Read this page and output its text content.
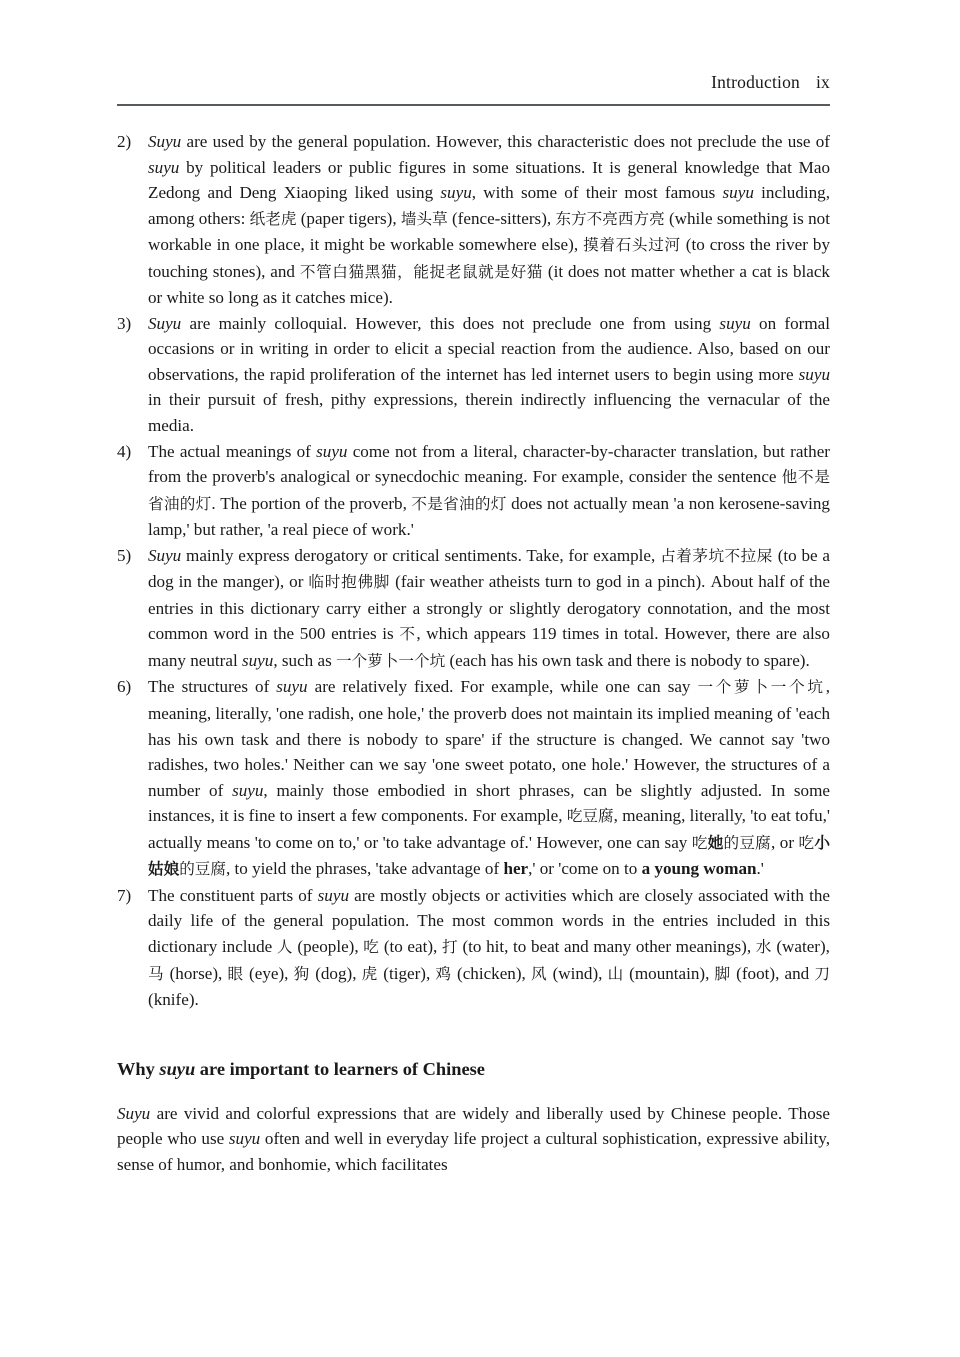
Introduction ix
2) Suyu are used by the general population. However, this characteristic does not preclude the use of suyu by political leaders or public figures in some situations. It is general knowledge that Mao Zedong and Deng Xiaoping liked using suyu, with some of their most famous suyu including, among others: 纸老虎 (paper tigers), 墙头草 (fence-sitters), 东方不亮西方亮 (while something is not workable in one place, it might be workable somewhere else), 摸着石头过河 (to cross the river by touching stones), and 不管白猫黑猫，能捉老鼠就是好猫 (it does not matter whether a cat is black or white so long as it catches mice).
3) Suyu are mainly colloquial. However, this does not preclude one from using suyu on formal occasions or in writing in order to elicit a special reaction from the audience. Also, based on our observations, the rapid proliferation of the internet has led internet users to begin using more suyu in their pursuit of fresh, pithy expressions, therein indirectly influencing the vernacular of the media.
4) The actual meanings of suyu come not from a literal, character-by-character translation, but rather from the proverb's analogical or synecdochic meaning. For example, consider the sentence 他不是省油的灯. The portion of the proverb, 不是省油的灯 does not actually mean 'a non kerosene-saving lamp,' but rather, 'a real piece of work.'
5) Suyu mainly express derogatory or critical sentiments. Take, for example, 占着茅坑不拉屎 (to be a dog in the manger), or 临时抱佛脚 (fair weather atheists turn to god in a pinch). About half of the entries in this dictionary carry either a strongly or slightly derogatory connotation, and the most common word in the 500 entries is 不, which appears 119 times in total. However, there are also many neutral suyu, such as 一个萝卜一个坑 (each has his own task and there is nobody to spare).
6) The structures of suyu are relatively fixed. For example, while one can say 一个萝卜一个坑, meaning, literally, 'one radish, one hole,' the proverb does not maintain its implied meaning of 'each has his own task and there is nobody to spare' if the structure is changed. We cannot say 'two radishes, two holes.' Neither can we say 'one sweet potato, one hole.' However, the structures of a number of suyu, mainly those embodied in short phrases, can be slightly adjusted. In some instances, it is fine to insert a few components. For example, 吃豆腐, meaning, literally, 'to eat tofu,' actually means 'to come on to,' or 'to take advantage of.' However, one can say 吃她的豆腐, or 吃小姑娘的豆腐, to yield the phrases, 'take advantage of her,' or 'come on to a young woman.'
7) The constituent parts of suyu are mostly objects or activities which are closely associated with the daily life of the general population. The most common words in the entries included in this dictionary include 人 (people), 吃 (to eat), 打 (to hit, to beat and many other meanings), 水 (water), 马 (horse), 眼 (eye), 狗 (dog), 虎 (tiger), 鸡 (chicken), 风 (wind), 山 (mountain), 脚 (foot), and 刀 (knife).
Why suyu are important to learners of Chinese

Suyu are vivid and colorful expressions that are widely and liberally used by Chinese people. Those people who use suyu often and well in everyday life project a cultural sophistication, expressive ability, sense of humor, and bonhomie, which facilitates
